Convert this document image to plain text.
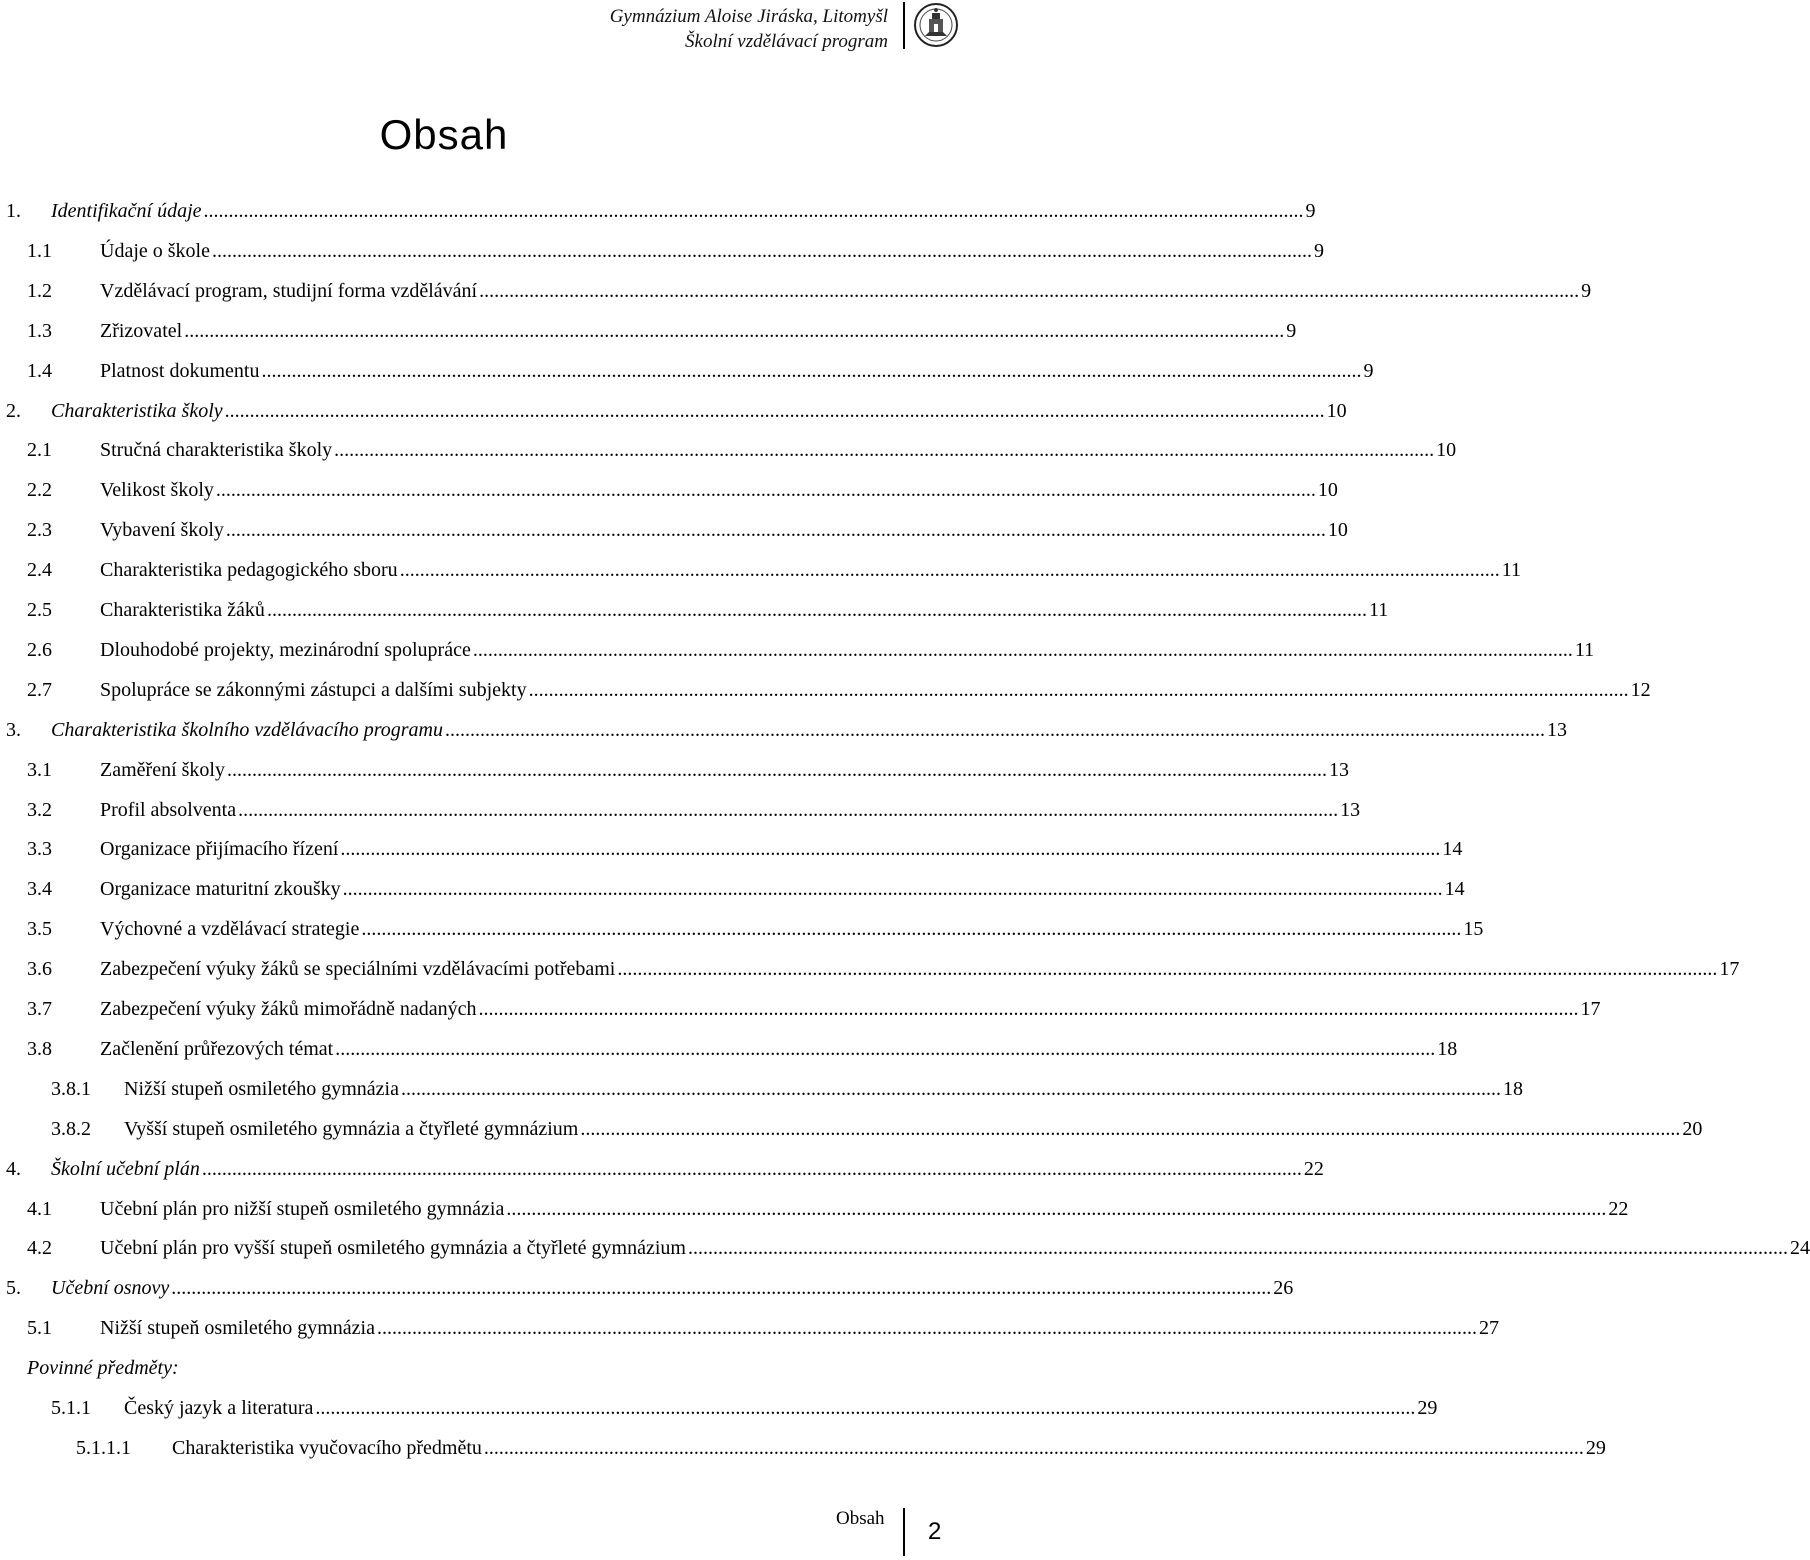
Gymnázium Aloise Jiráska, Litomyšl
Školní vzdělávací program
Obsah
1. Identifikační údaje ............................................................................................................................................................................................................................ 9
1.1 Údaje o škole ............................................................................................................................................................................................................................ 9
1.2 Vzdělávací program, studijní forma vzdělávání ............................................................................................................................................................................................................................ 9
1.3 Zřizovatel ............................................................................................................................................................................................................................ 9
1.4 Platnost dokumentu ............................................................................................................................................................................................................................ 9
2. Charakteristika školy ............................................................................................................................................................................................................................ 10
2.1 Stručná charakteristika školy ............................................................................................................................................................................................................................ 10
2.2 Velikost školy ............................................................................................................................................................................................................................ 10
2.3 Vybavení školy ............................................................................................................................................................................................................................ 10
2.4 Charakteristika pedagogického sboru ............................................................................................................................................................................................................................ 11
2.5 Charakteristika žáků ............................................................................................................................................................................................................................ 11
2.6 Dlouhodobé projekty, mezinárodní spolupráce ............................................................................................................................................................................................................................ 11
2.7 Spolupráce se zákonnými zástupci a dalšími subjekty ............................................................................................................................................................................................................................ 12
3. Charakteristika školního vzdělávacího programu ............................................................................................................................................................................................................................ 13
3.1 Zaměření školy ............................................................................................................................................................................................................................ 13
3.2 Profil absolventa ............................................................................................................................................................................................................................ 13
3.3 Organizace přijímacího řízení ............................................................................................................................................................................................................................ 14
3.4 Organizace maturitní zkoušky ............................................................................................................................................................................................................................ 14
3.5 Výchovné a vzdělávací strategie ............................................................................................................................................................................................................................ 15
3.6 Zabezpečení výuky žáků se speciálními vzdělávacími potřebami ............................................................................................................................................................................................................................ 17
3.7 Zabezpečení výuky žáků mimořádně nadaných ............................................................................................................................................................................................................................ 17
3.8 Začlenění průřezových témat ............................................................................................................................................................................................................................ 18
3.8.1 Nižší stupeň osmiletého gymnázia ............................................................................................................................................................................................................................ 18
3.8.2 Vyšší stupeň osmiletého gymnázia a čtyřleté gymnázium ............................................................................................................................................................................................................................ 20
4. Školní učební plán ............................................................................................................................................................................................................................ 22
4.1 Učební plán pro nižší stupeň osmiletého gymnázia ............................................................................................................................................................................................................................ 22
4.2 Učební plán pro vyšší stupeň osmiletého gymnázia a čtyřleté gymnázium ............................................................................................................................................................................................................................ 24
5. Učební osnovy ............................................................................................................................................................................................................................ 26
5.1 Nižší stupeň osmiletého gymnázia ............................................................................................................................................................................................................................ 27
Povinné předměty:
5.1.1 Český jazyk a literatura ............................................................................................................................................................................................................................ 29
5.1.1.1 Charakteristika vyučovacího předmětu ............................................................................................................................................................................................................................ 29
Obsah 2
